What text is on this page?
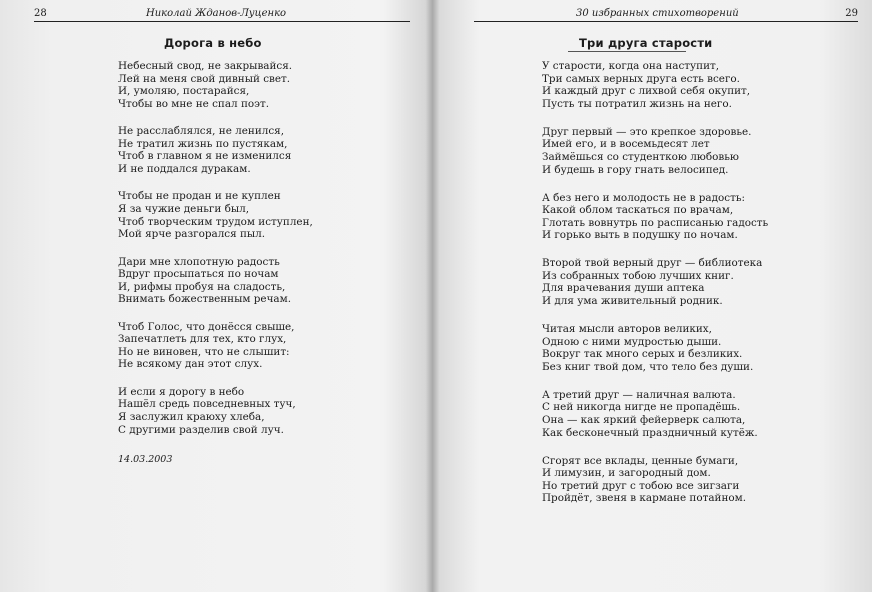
28	Николай Жданов-Луценко
Дорога в небо
Небесный свод, не закрывайся.
Лей на меня свой дивный свет.
И, умоляю, постарайся,
Чтобы во мне не спал поэт.
Не расслаблялся, не ленился,
Не тратил жизнь по пустякам,
Чтоб в главном я не изменился
И не поддался дуракам.
Чтобы не продан и не куплен
Я за чужие деньги был,
Чтоб творческим трудом иступлен,
Мой ярче разгорался пыл.
Дари мне хлопотную радость
Вдруг просыпаться по ночам
И, рифмы пробуя на сладость,
Внимать божественным речам.
Чтоб Голос, что донёсся свыше,
Запечатлеть для тех, кто глух,
Но не виновен, что не слышит:
Не всякому дан этот слух.
И если я дорогу в небо
Нашёл средь повседневных туч,
Я заслужил краюху хлеба,
С другими разделив свой луч.
14.03.2003
30 избранных стихотворений	29
Три друга старости
У старости, когда она наступит,
Три самых верных друга есть всего.
И каждый друг с лихвой себя окупит,
Пусть ты потратил жизнь на него.
Друг первый — это крепкое здоровье.
Имей его, и в восемьдесят лет
Займёшься со студенткою любовью
И будешь в гору гнать велосипед.
А без него и молодость не в радость:
Какой облом таскаться по врачам,
Глотать вовнутрь по расписанью гадость
И горько выть в подушку по ночам.
Второй твой верный друг — библиотека
Из собранных тобою лучших книг.
Для врачевания души аптека
И для ума живительный родник.
Читая мысли авторов великих,
Одною с ними мудростью дыши.
Вокруг так много серых и безликих.
Без книг твой дом, что тело без души.
А третий друг — наличная валюта.
С ней никогда нигде не пропадёшь.
Она — как яркий фейерверк салюта,
Как бесконечный праздничный кутёж.
Сгорят все вклады, ценные бумаги,
И лимузин, и загородный дом.
Но третий друг с тобою все зигзаги
Пройдёт, звеня в кармане потайном.
